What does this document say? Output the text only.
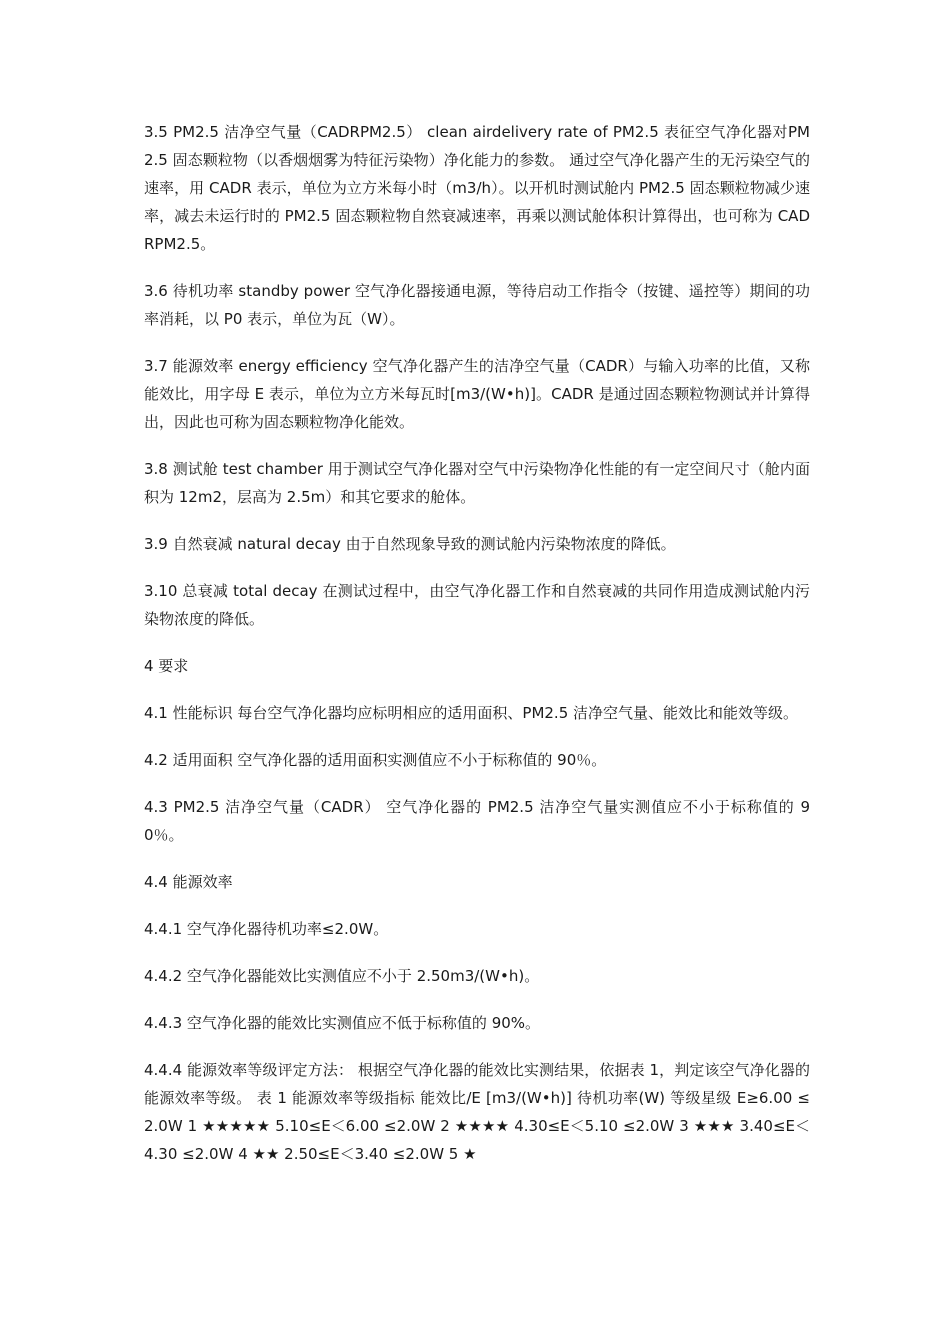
3.5 PM2.5 洁净空气量（CADRPM2.5） clean airdelivery rate of PM2.5 表征空气净化器对PM2.5 固态颗粒物（以香烟烟雾为特征污染物）净化能力的参数。 通过空气净化器产生的无污染空气的速率，用 CADR 表示，单位为立方米每小时（m3/h）。以开机时测试舱内 PM2.5 固态颗粒物减少速率，减去未运行时的 PM2.5 固态颗粒物自然衰减速率，再乘以测试舱体积计算得出，也可称为 CADRPM2.5。

3.6 待机功率 standby power 空气净化器接通电源，等待启动工作指令（按键、遥控等）期间的功率消耗，以 P0 表示，单位为瓦（W）。

3.7 能源效率 energy efficiency 空气净化器产生的洁净空气量（CADR）与输入功率的比值，又称能效比，用字母 E 表示，单位为立方米每瓦时[m3/(W•h)]。CADR 是通过固态颗粒物测试并计算得出，因此也可称为固态颗粒物净化能效。

3.8 测试舱 test chamber 用于测试空气净化器对空气中污染物净化性能的有一定空间尺寸（舱内面积为 12m2，层高为 2.5m）和其它要求的舱体。

3.9 自然衰减 natural decay 由于自然现象导致的测试舱内污染物浓度的降低。

3.10 总衰减 total decay 在测试过程中，由空气净化器工作和自然衰减的共同作用造成测试舱内污染物浓度的降低。

4 要求

4.1 性能标识 每台空气净化器均应标明相应的适用面积、PM2.5 洁净空气量、能效比和能效等级。

4.2 适用面积 空气净化器的适用面积实测值应不小于标称值的 90％。

4.3 PM2.5 洁净空气量（CADR） 空气净化器的 PM2.5 洁净空气量实测值应不小于标称值的 90％。

4.4 能源效率

4.4.1 空气净化器待机功率≤2.0W。

4.4.2 空气净化器能效比实测值应不小于 2.50m3/(W•h)。

4.4.3 空气净化器的能效比实测值应不低于标称值的 90%。

4.4.4 能源效率等级评定方法： 根据空气净化器的能效比实测结果，依据表 1，判定该空气净化器的能源效率等级。 表 1 能源效率等级指标 能效比/E [m3/(W•h)] 待机功率(W) 等级星级 E≥6.00 ≤2.0W 1 ★★★★★ 5.10≤E＜6.00 ≤2.0W 2 ★★★★ 4.30≤E＜5.10 ≤2.0W 3 ★★★ 3.40≤E＜4.30 ≤2.0W 4 ★★ 2.50≤E＜3.40 ≤2.0W 5 ★
